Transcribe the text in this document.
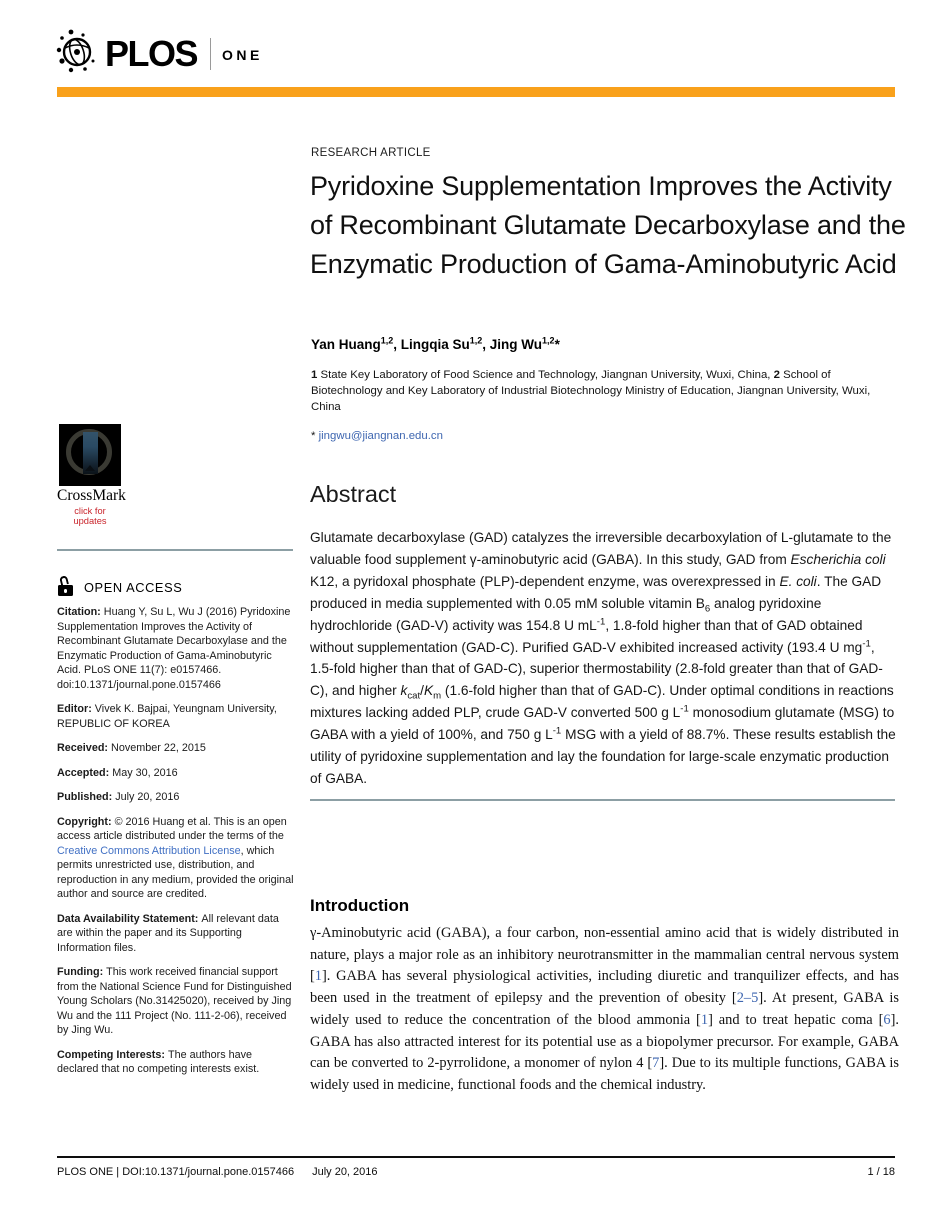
PLOS ONE
RESEARCH ARTICLE
Pyridoxine Supplementation Improves the Activity of Recombinant Glutamate Decarboxylase and the Enzymatic Production of Gama-Aminobutyric Acid
Yan Huang$^{1,2}$, Lingqia Su$^{1,2}$, Jing Wu$^{1,2}$*
1 State Key Laboratory of Food Science and Technology, Jiangnan University, Wuxi, China, 2 School of Biotechnology and Key Laboratory of Industrial Biotechnology Ministry of Education, Jiangnan University, Wuxi, China
* jingwu@jiangnan.edu.cn
CrossMark
click for updates
OPEN ACCESS

Citation: Huang Y, Su L, Wu J (2016) Pyridoxine Supplementation Improves the Activity of Recombinant Glutamate Decarboxylase and the Enzymatic Production of Gama-Aminobutyric Acid. PLoS ONE 11(7): e0157466. doi:10.1371/journal.pone.0157466

Editor: Vivek K. Bajpai, Yeungnam University, REPUBLIC OF KOREA

Received: November 22, 2015

Accepted: May 30, 2016

Published: July 20, 2016

Copyright: © 2016 Huang et al. This is an open access article distributed under the terms of the Creative Commons Attribution License, which permits unrestricted use, distribution, and reproduction in any medium, provided the original author and source are credited.

Data Availability Statement: All relevant data are within the paper and its Supporting Information files.

Funding: This work received financial support from the National Science Fund for Distinguished Young Scholars (No.31425020), received by Jing Wu and the 111 Project (No. 111-2-06), received by Jing Wu.

Competing Interests: The authors have declared that no competing interests exist.

Abstract
Glutamate decarboxylase (GAD) catalyzes the irreversible decarboxylation of L-glutamate to the valuable food supplement γ-aminobutyric acid (GABA). In this study, GAD from Escherichia coli K12, a pyridoxal phosphate (PLP)-dependent enzyme, was overexpressed in E. coli. The GAD produced in media supplemented with 0.05 mM soluble vitamin $B_6$ analog pyridoxine hydrochloride (GAD-V) activity was 154.8 U $mL^{-1}$, 1.8-fold higher than that of GAD obtained without supplementation (GAD-C). Purified GAD-V exhibited increased activity (193.4 U $mg^{-1}$, 1.5-fold higher than that of GAD-C), superior thermostability (2.8-fold greater than that of GAD-C), and higher $k_{cat}/K_m$ (1.6-fold higher than that of GAD-C). Under optimal conditions in reactions mixtures lacking added PLP, crude GAD-V converted 500 g $L^{-1}$ monosodium glutamate (MSG) to GABA with a yield of 100%, and 750 g $L^{-1}$ MSG with a yield of 88.7%. These results establish the utility of pyridoxine supplementation and lay the foundation for large-scale enzymatic production of GABA.
Introduction
γ-Aminobutyric acid (GABA), a four carbon, non-essential amino acid that is widely distributed in nature, plays a major role as an inhibitory neurotransmitter in the mammalian central nervous system [1]. GABA has several physiological activities, including diuretic and tranquilizer effects, and has been used in the treatment of epilepsy and the prevention of obesity [2–5]. At present, GABA is widely used to reduce the concentration of the blood ammonia [1] and to treat hepatic coma [6]. GABA has also attracted interest for its potential use as a biopolymer precursor. For example, GABA can be converted to 2-pyrrolidone, a monomer of nylon 4 [7]. Due to its multiple functions, GABA is widely used in medicine, functional foods and the chemical industry.
PLOS ONE | DOI:10.1371/journal.pone.0157466 July 20, 2016	1 / 18
